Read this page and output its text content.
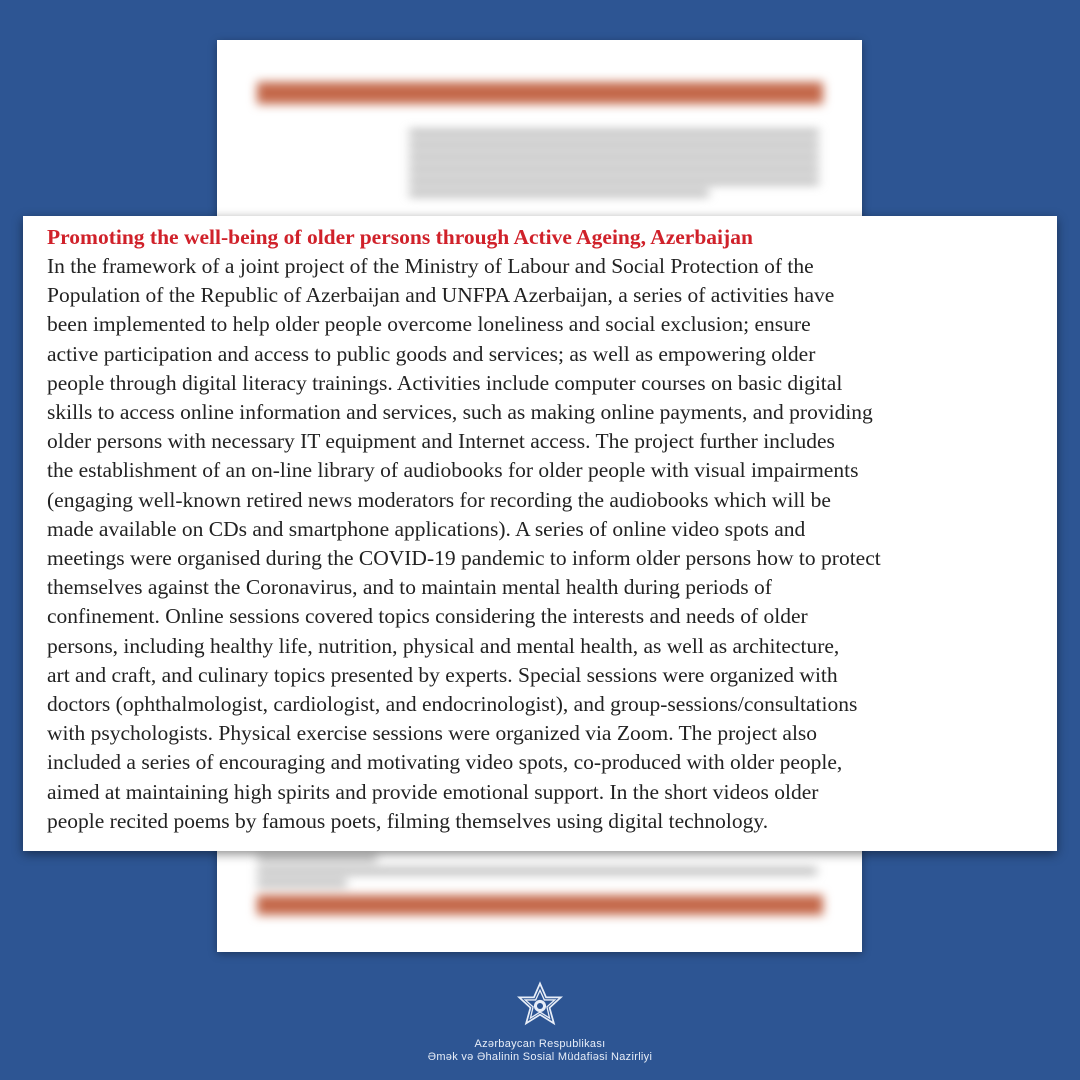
Promoting the well-being of older persons through Active Ageing, Azerbaijan
In the framework of a joint project of the Ministry of Labour and Social Protection of the
Population of the Republic of Azerbaijan and UNFPA Azerbaijan, a series of activities have
been implemented to help older people overcome loneliness and social exclusion; ensure
active participation and access to public goods and services; as well as empowering older
people through digital literacy trainings. Activities include computer courses on basic digital
skills to access online information and services, such as making online payments, and providing
older persons with necessary IT equipment and Internet access. The project further includes
the establishment of an on-line library of audiobooks for older people with visual impairments
(engaging well-known retired news moderators for recording the audiobooks which will be
made available on CDs and smartphone applications). A series of online video spots and
meetings were organised during the COVID-19 pandemic to inform older persons how to protect
themselves against the Coronavirus, and to maintain mental health during periods of
confinement. Online sessions covered topics considering the interests and needs of older
persons, including healthy life, nutrition, physical and mental health, as well as architecture,
art and craft, and culinary topics presented by experts. Special sessions were organized with
doctors (ophthalmologist, cardiologist, and endocrinologist), and group-sessions/consultations
with psychologists. Physical exercise sessions were organized via Zoom. The project also
included a series of encouraging and motivating video spots, co-produced with older people,
aimed at maintaining high spirits and provide emotional support. In the short videos older
people recited poems by famous poets, filming themselves using digital technology.
Azərbaycan Respublikası
Əmək və Əhalinin Sosial Müdafiəsi Nazirliyi
